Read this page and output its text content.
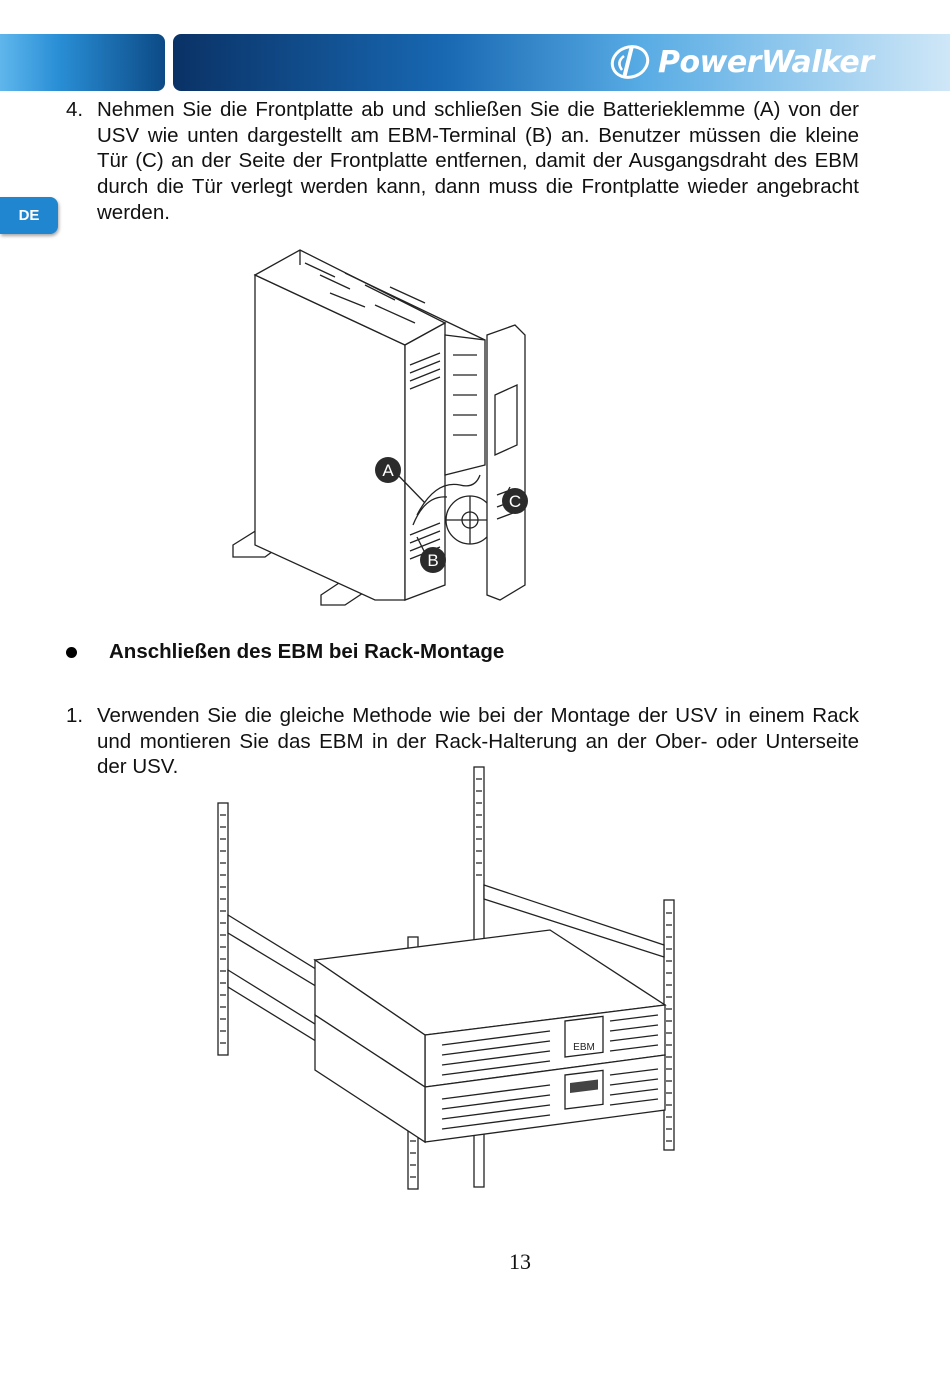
PowerWalker
DE
4. Nehmen Sie die Frontplatte ab und schließen Sie die Batterieklemme (A) von der USV wie unten dargestellt am EBM-Terminal (B) an. Benutzer müssen die kleine Tür (C) an der Seite der Frontplatte entfernen, damit der Ausgangsdraht des EBM durch die Tür verlegt werden kann, dann muss die Frontplatte wieder angebracht werden.
A
B
C
Anschließen des EBM bei Rack-Montage
1. Verwenden Sie die gleiche Methode wie bei der Montage der USV in einem Rack und montieren Sie das EBM in der Rack-Halterung an der Ober- oder Unterseite der USV.
EBM
13
